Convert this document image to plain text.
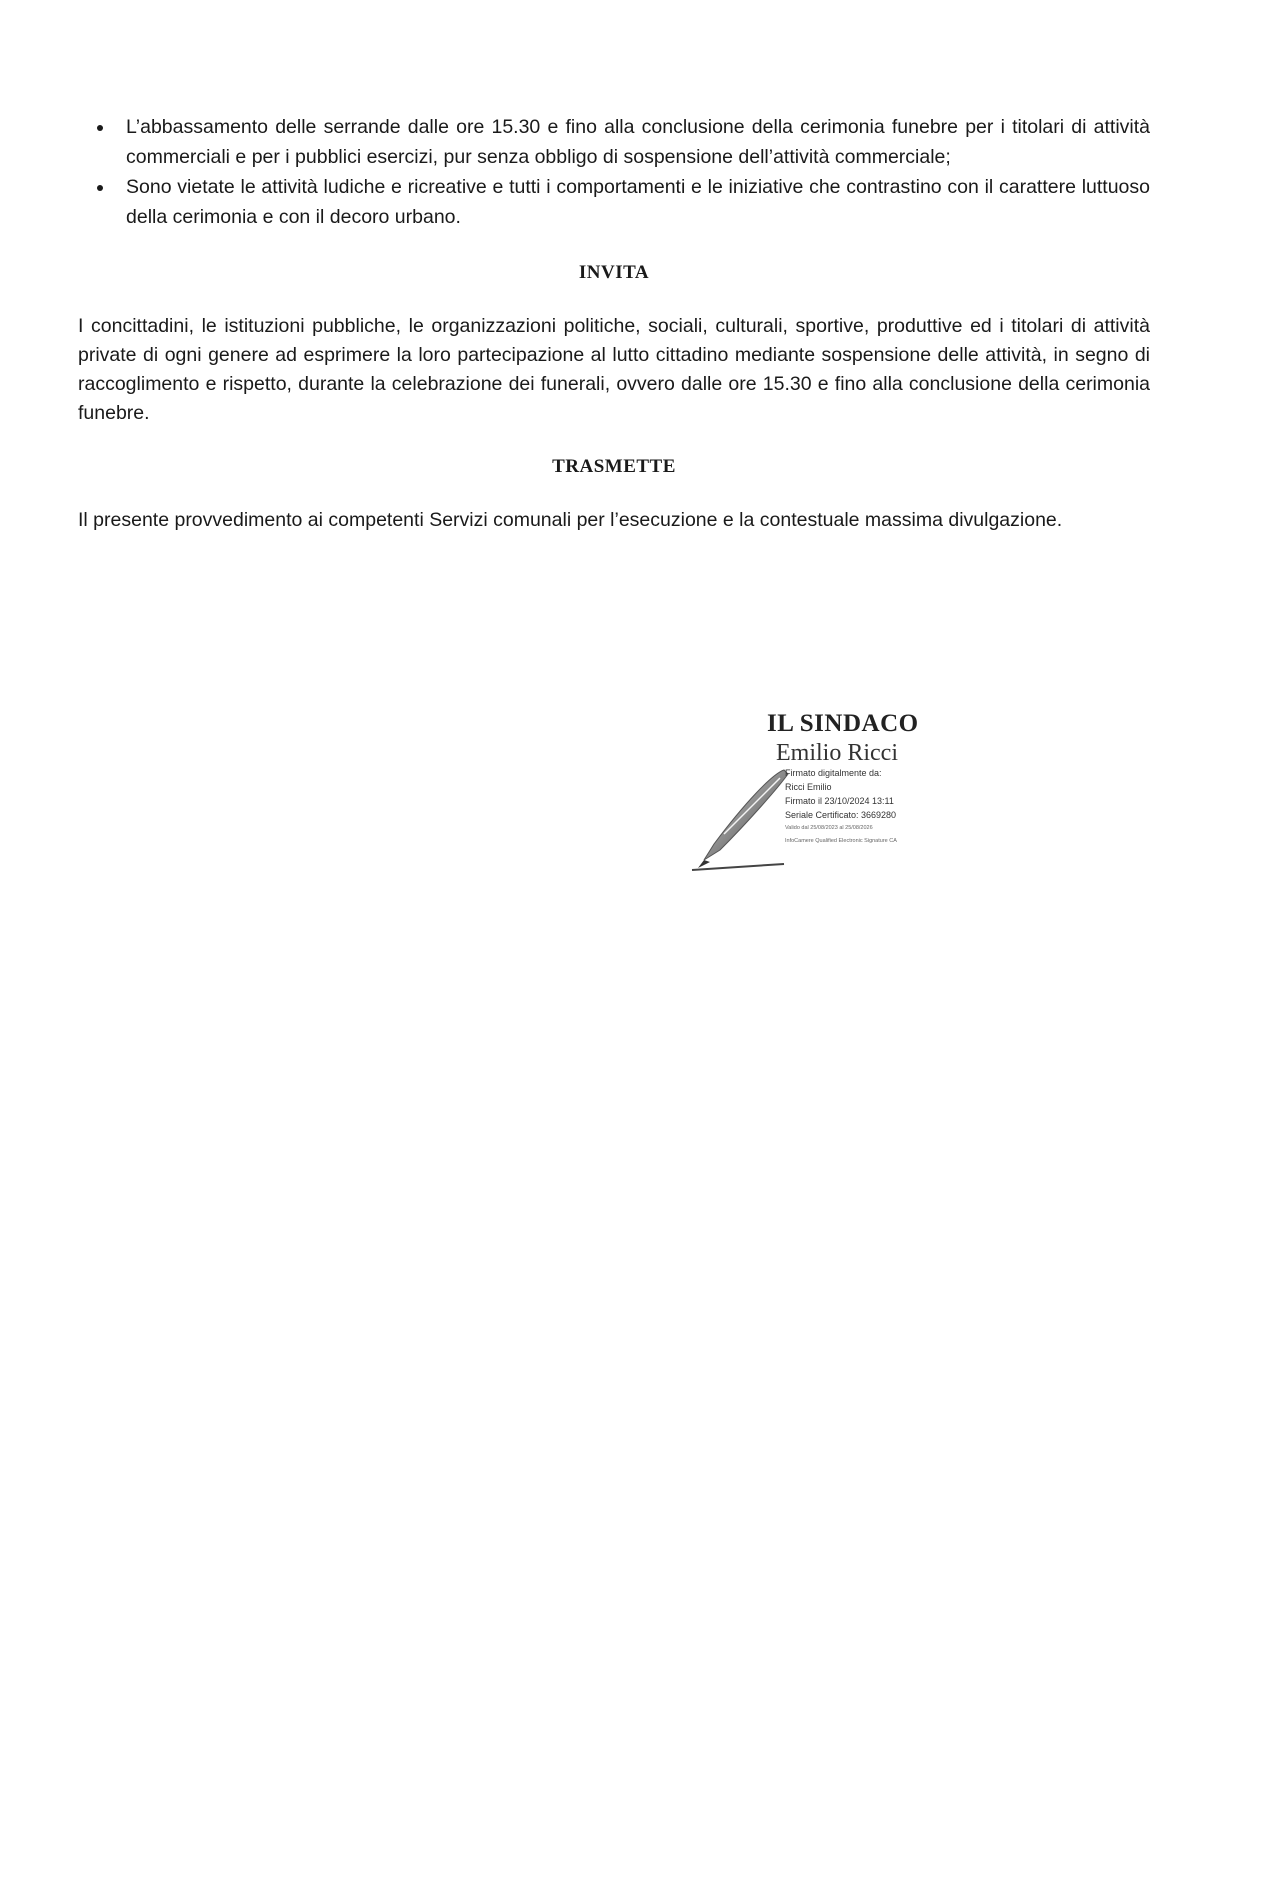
L’abbassamento delle serrande dalle ore 15.30 e fino alla conclusione della cerimonia funebre per i titolari di attività commerciali e per i pubblici esercizi, pur senza obbligo di sospensione dell’attività commerciale;
Sono vietate le attività ludiche e ricreative e tutti i comportamenti e le iniziative che contrastino con il carattere luttuoso della cerimonia e con il decoro urbano.
INVITA

I concittadini, le istituzioni pubbliche, le organizzazioni politiche, sociali, culturali, sportive, produttive ed i titolari di attività private di ogni genere ad esprimere la loro partecipazione al lutto cittadino mediante sospensione delle attività, in segno di raccoglimento e rispetto, durante la celebrazione dei funerali, ovvero dalle ore 15.30 e fino alla conclusione della cerimonia funebre.

TRASMETTE

Il presente provvedimento ai competenti Servizi comunali per l’esecuzione e la contestuale massima divulgazione.

IL SINDACO
Emilio Ricci
Firmato digitalmente da:
Ricci Emilio
Firmato il 23/10/2024 13:11
Seriale Certificato: 3669280
Valido dal 25/08/2023 al 25/08/2026
InfoCamere Qualified Electronic Signature CA
